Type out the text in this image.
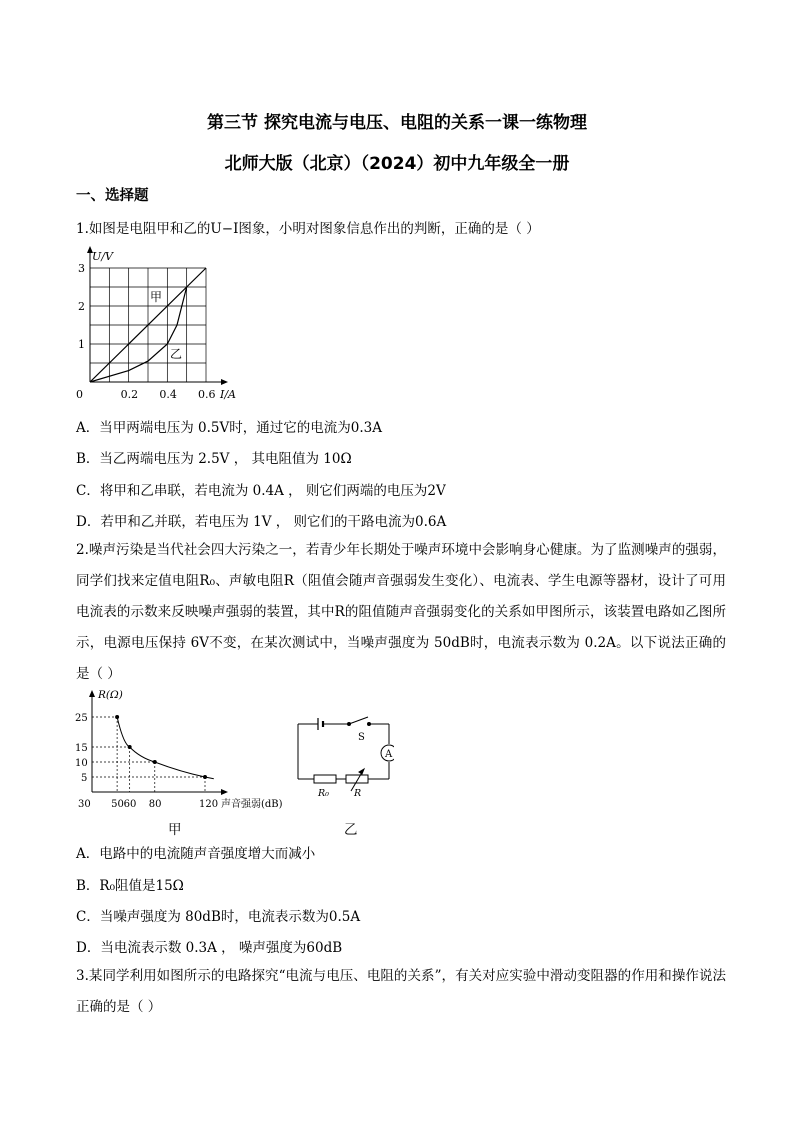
第三节 探究电流与电压、电阻的关系一课一练物理
北师大版（北京）（2024）初中九年级全一册
一、选择题
1.如图是电阻甲和乙的U−I图象，小明对图象信息作出的判断，正确的是（ ）
0	0.2 0.4 0.6
1
2
3
U/V
I/A
甲
乙
A．当甲两端电压为 0.5V时，通过它的电流为0.3A
B．当乙两端电压为 2.5V ， 其电阻值为 10Ω
C．将甲和乙串联，若电流为 0.4A ， 则它们两端的电压为2V
D．若甲和乙并联，若电压为 1V ， 则它们的干路电流为0.6A
2.噪声污染是当代社会四大污染之一，若青少年长期处于噪声环境中会影响身心健康。为了监测噪声的强弱，同学们找来定值电阻R₀、声敏电阻R（阻值会随声音强弱发生变化）、电流表、学生电源等器材，设计了可用电流表的示数来反映噪声强弱的装置，其中R的阻值随声音强弱变化的关系如甲图所示，该装置电路如乙图所示，电源电压保持 6V不变，在某次测试中，当噪声强度为 50dB时，电流表示数为 0.2A。以下说法正确的是（ ）
30 50 60 80	120
5
10
15
25
R(Ω)
声音强弱(dB)
S
A
R₀	R
甲	乙
A．电路中的电流随声音强度增大而减小
B．R₀阻值是15Ω
C．当噪声强度为 80dB时，电流表示数为0.5A
D．当电流表示数 0.3A ， 噪声强度为60dB
3.某同学利用如图所示的电路探究“电流与电压、电阻的关系”，有关对应实验中滑动变阻器的作用和操作说法正确的是（ ）
